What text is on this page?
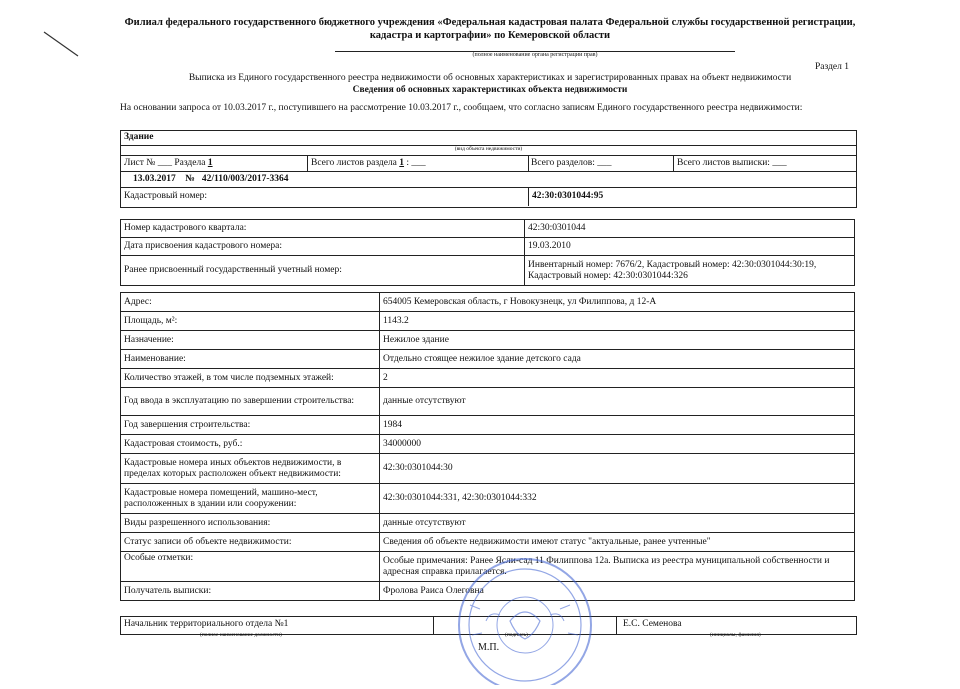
Филиал федерального государственного бюджетного учреждения «Федеральная кадастровая палата Федеральной службы государственной регистрации,
кадастра и картографии» по Кемеровской области
(полное наименование органа регистрации прав)
Раздел 1
Выписка из Единого государственного реестра недвижимости об основных характеристиках и зарегистрированных правах на объект недвижимости
Сведения об основных характеристиках объекта недвижимости
На основании запроса от 10.03.2017 г., поступившего на рассмотрение 10.03.2017 г., сообщаем, что согласно записям Единого государственного реестра недвижимости:
Здание
(вид объекта недвижимости)
Лист № ___ Раздела 1	Всего листов раздела 1 : ___	Всего разделов: ___	Всего листов выписки: ___
13.03.2017 № 42/110/003/2017-3364
Кадастровый номер:	42:30:0301044:95
Номер кадастрового квартала:	42:30:0301044
Дата присвоения кадастрового номера:	19.03.2010
Ранее присвоенный государственный учетный номер:	Инвентарный номер: 7676/2, Кадастровый номер: 42:30:0301044:30:19, Кадастровый номер: 42:30:0301044:326
Адрес:	654005 Кемеровская область, г Новокузнецк, ул Филиппова, д 12-А
Площадь, м²:	1143.2
Назначение:	Нежилое здание
Наименование:	Отдельно стоящее нежилое здание детского сада
Количество этажей, в том числе подземных этажей:	2
Год ввода в эксплуатацию по завершении строительства:	данные отсутствуют
Год завершения строительства:	1984
Кадастровая стоимость, руб.:	34000000
Кадастровые номера иных объектов недвижимости, в пределах которых расположен объект недвижимости:	42:30:0301044:30
Кадастровые номера помещений, машино-мест, расположенных в здании или сооружении:	42:30:0301044:331, 42:30:0301044:332
Виды разрешенного использования:	данные отсутствуют
Статус записи об объекте недвижимости:	Сведения об объекте недвижимости имеют статус "актуальные, ранее учтенные"
Особые отметки:	Особые примечания: Ранее Ясли-сад 11 Филиппова 12а. Выписка из реестра муниципальной собственности и адресная справка прилагается.
Получатель выписки:	Фролова Раиса Олеговна
Начальник территориального отдела №1	Е.С. Семенова
(полное наименование должности)	(подпись)	(инициалы, фамилия)
М.П.
